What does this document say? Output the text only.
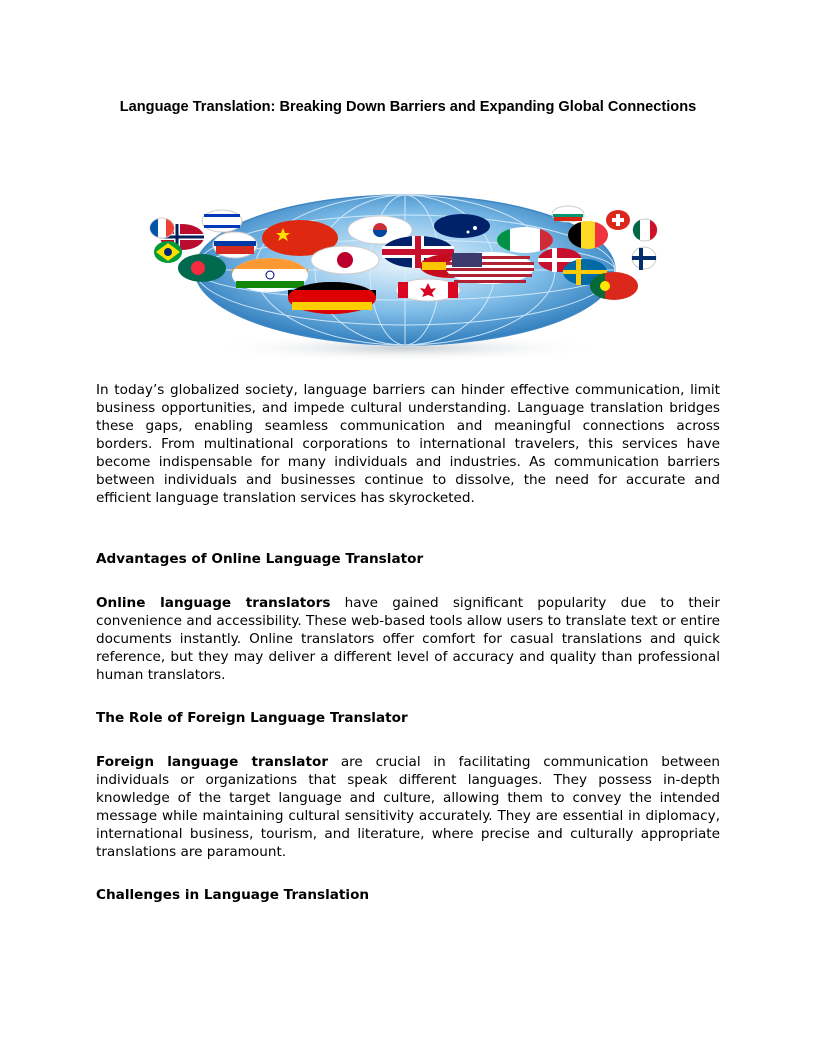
Language Translation: Breaking Down Barriers and Expanding Global Connections

In today’s globalized society, language barriers can hinder effective communication, limit business opportunities, and impede cultural understanding. Language translation bridges these gaps, enabling seamless communication and meaningful connections across borders. From multinational corporations to international travelers, this services have become indispensable for many individuals and industries. As communication barriers between individuals and businesses continue to dissolve, the need for accurate and efficient language translation services has skyrocketed.

Advantages of Online Language Translator

Online language translators have gained significant popularity due to their convenience and accessibility. These web-based tools allow users to translate text or entire documents instantly. Online translators offer comfort for casual translations and quick reference, but they may deliver a different level of accuracy and quality than professional human translators.

The Role of Foreign Language Translator

Foreign language translator are crucial in facilitating communication between individuals or organizations that speak different languages. They possess in-depth knowledge of the target language and culture, allowing them to convey the intended message while maintaining cultural sensitivity accurately. They are essential in diplomacy, international business, tourism, and literature, where precise and culturally appropriate translations are paramount.

Challenges in Language Translation
